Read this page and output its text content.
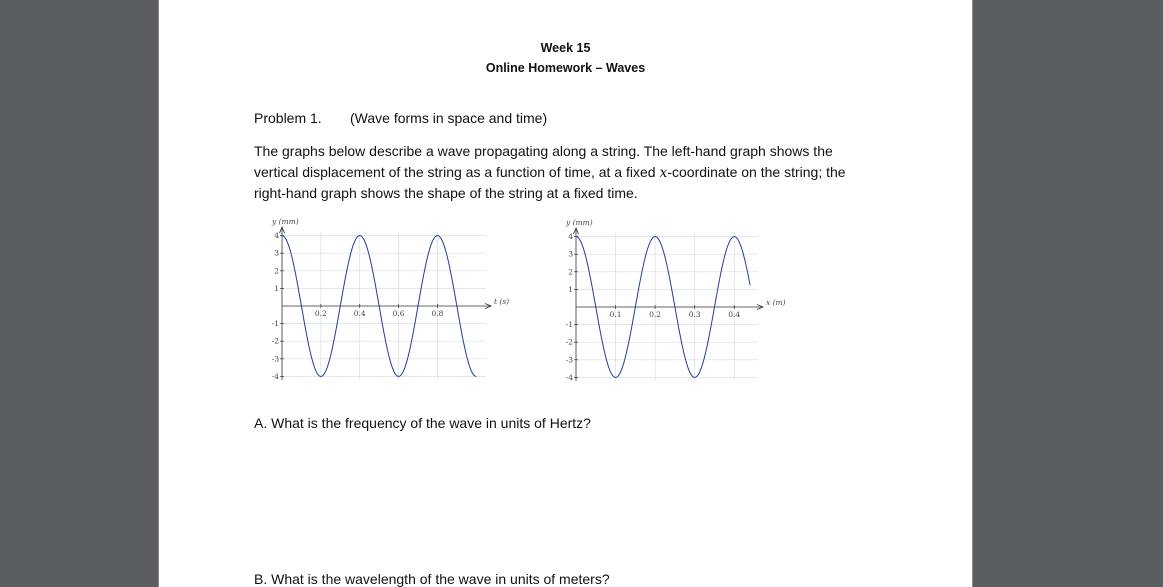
Week 15
Online Homework – Waves
Problem 1. (Wave forms in space and time)
The graphs below describe a wave propagating along a string. The left-hand graph shows the vertical displacement of the string as a function of time, at a fixed x-coordinate on the string; the right-hand graph shows the shape of the string at a fixed time.
0.2	0.4	0.6	0.8
-4
-3
-2
-1
1
2
3
4
y (mm)
t (s)
0.1	0.2	0.3	0.4
-4
-3
-2
-1
1
2
3
4
y (mm)
x (m)
A. What is the frequency of the wave in units of Hertz?
B. What is the wavelength of the wave in units of meters?
